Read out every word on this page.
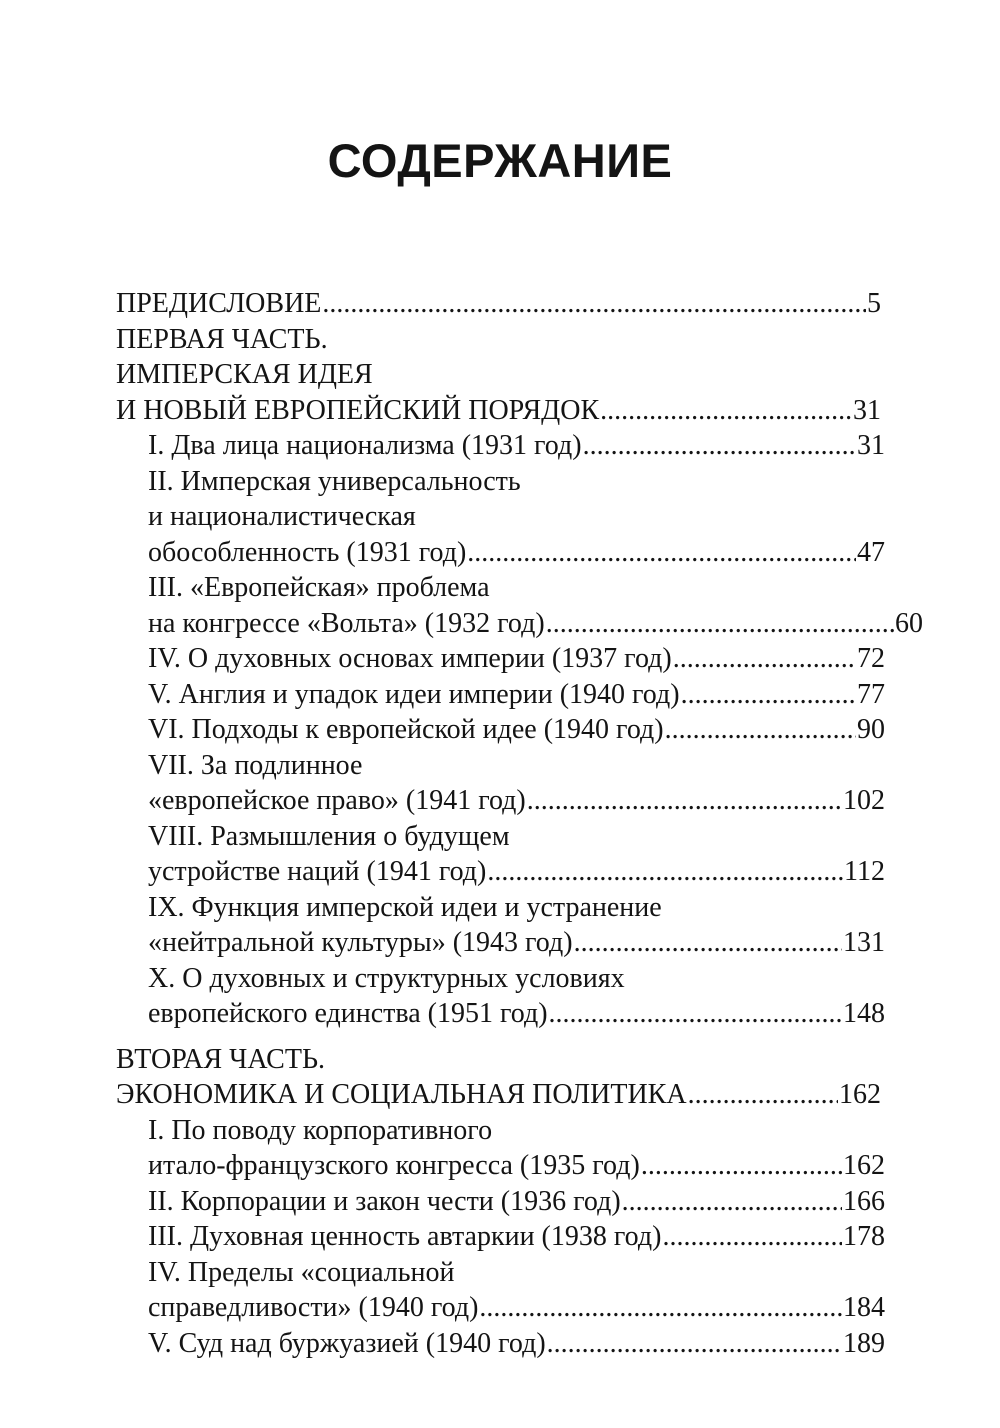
СОДЕРЖАНИЕ
ПРЕДИСЛОВИЕ .....	5
ПЕРВАЯ ЧАСТЬ.
ИМПЕРСКАЯ ИДЕЯ
И НОВЫЙ ЕВРОПЕЙСКИЙ ПОРЯДОК .....	31
I. Два лица национализма (1931 год) .....	31
II. Имперская универсальность
и националистическая
обособленность (1931 год) .....	47
III. «Европейская» проблема
на конгрессе «Вольта» (1932 год) .....	60
IV. О духовных основах империи (1937 год) .....	72
V. Англия и упадок идеи империи (1940 год) .....	77
VI. Подходы к европейской идее (1940 год) .....	90
VII. За подлинное
«европейское право» (1941 год) .....	102
VIII. Размышления о будущем
устройстве наций (1941 год) .....	112
IX. Функция имперской идеи и устранение
«нейтральной культуры» (1943 год) .....	131
X. О духовных и структурных условиях
европейского единства (1951 год) .....	148
ВТОРАЯ ЧАСТЬ.
ЭКОНОМИКА И СОЦИАЛЬНАЯ ПОЛИТИКА .....	162
I. По поводу корпоративного
итало-французского конгресса (1935 год) .....	162
II. Корпорации и закон чести (1936 год) .....	166
III. Духовная ценность автаркии (1938 год) .....	178
IV. Пределы «социальной
справедливости» (1940 год) .....	184
V. Суд над буржуазией (1940 год) .....	189
